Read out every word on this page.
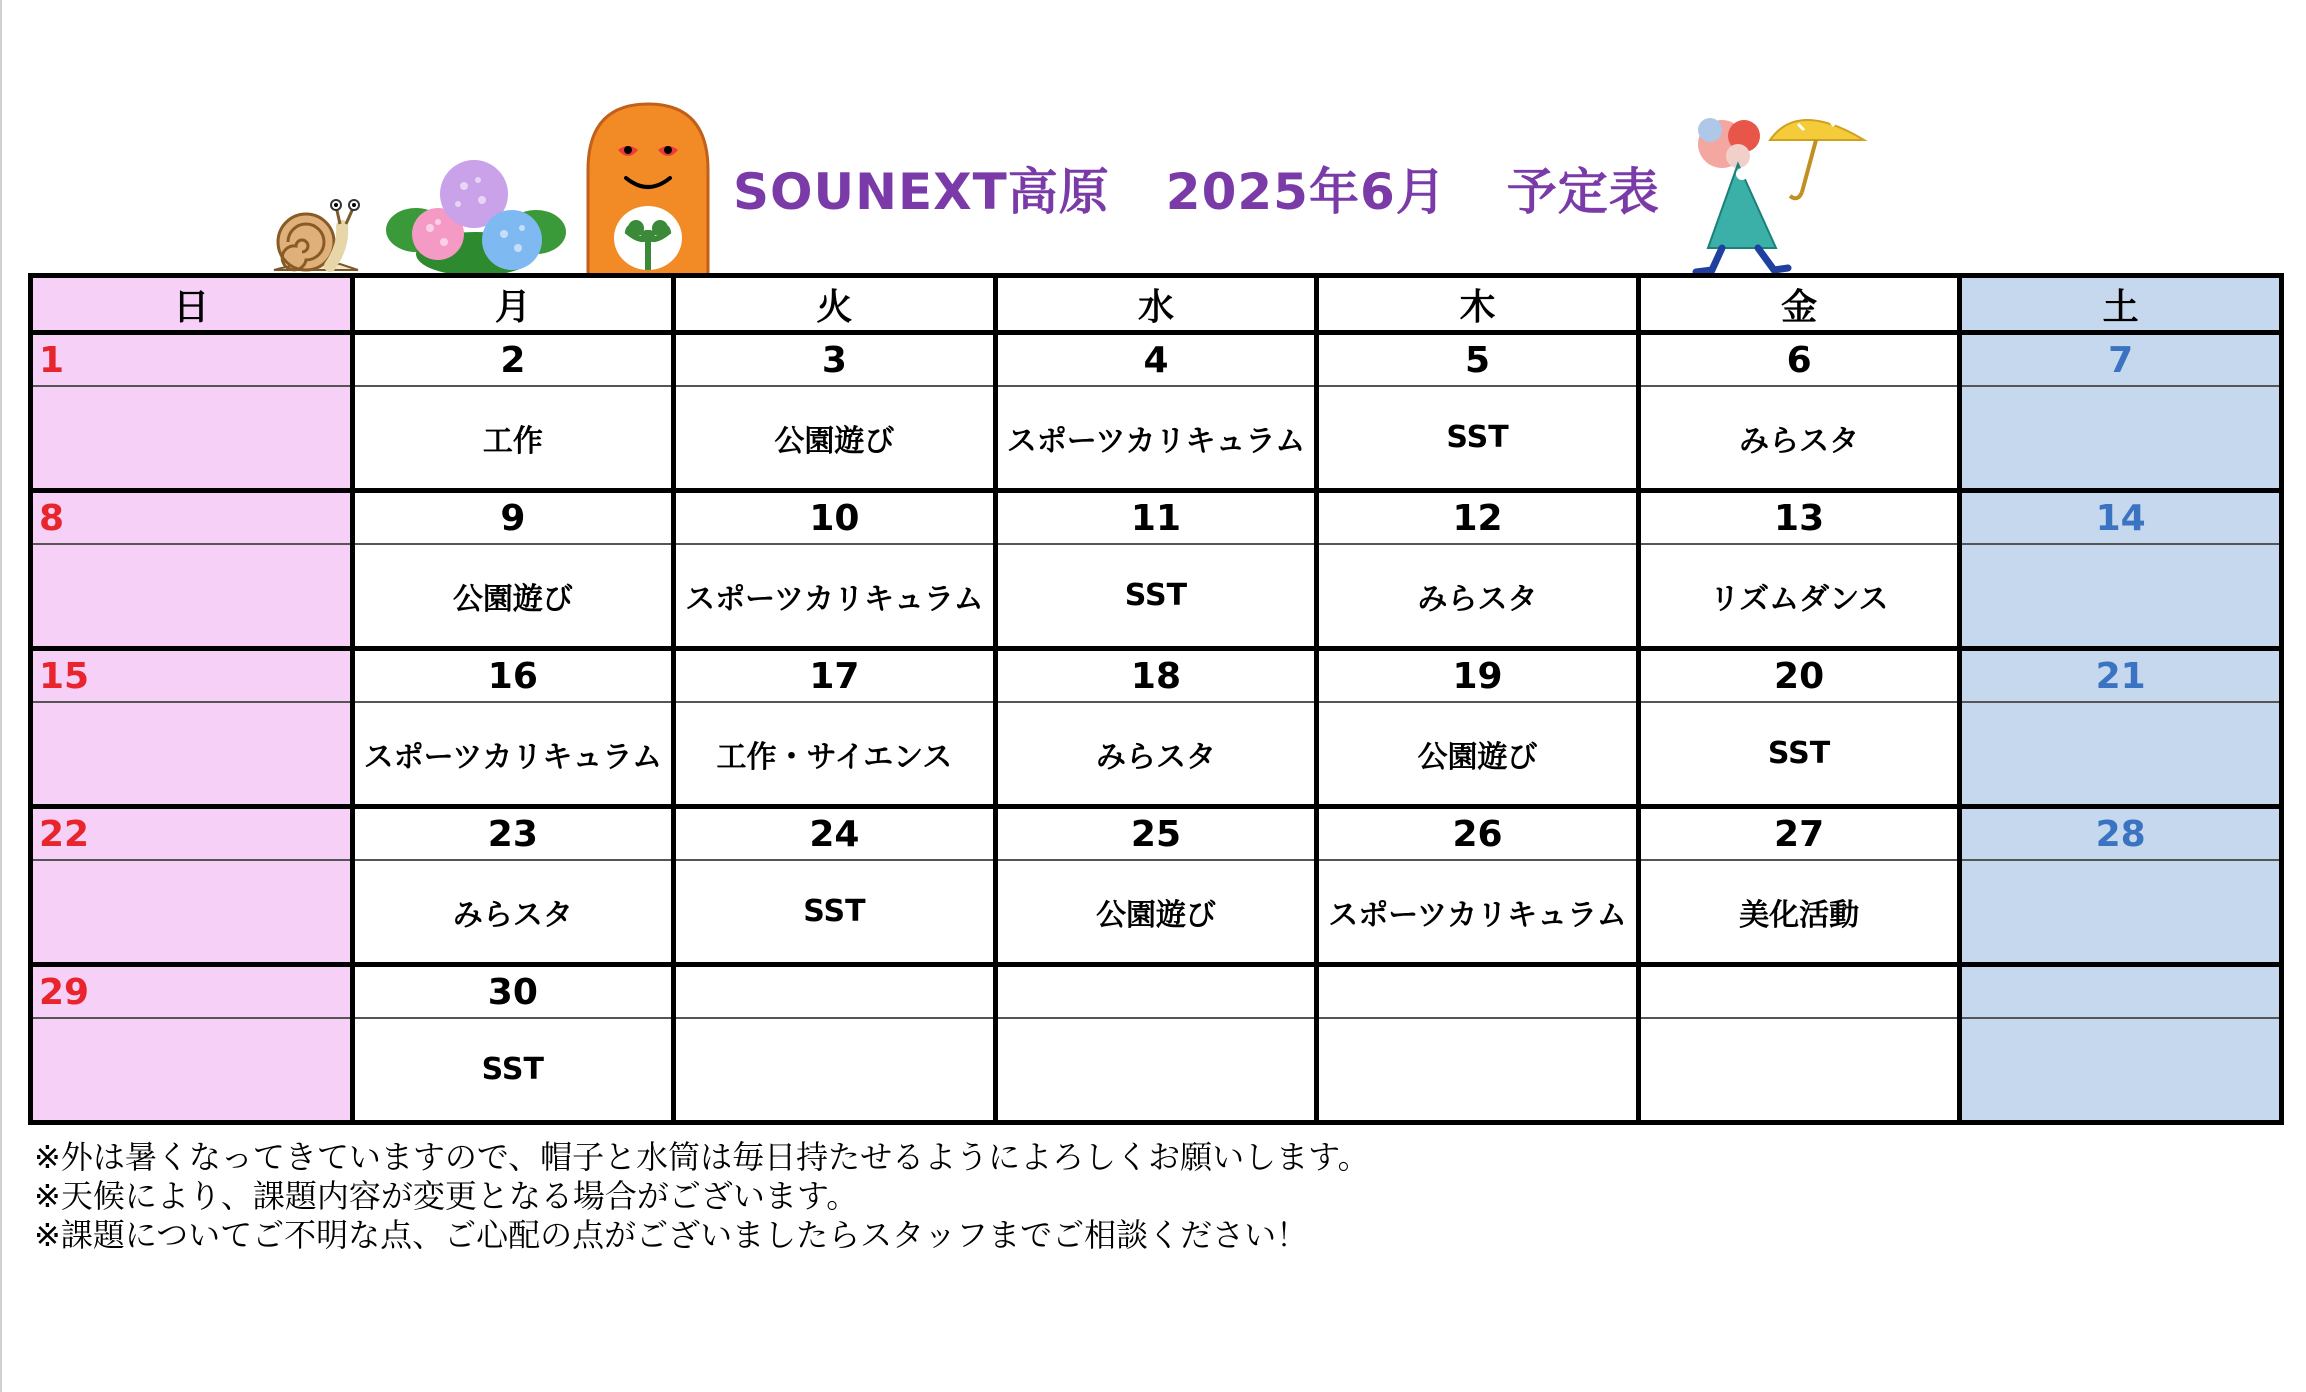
SOUNEXT高原 2025年6月 予定表
日	月	火	水	木	金	土
1	2	3	4	5	6	7
	工作	公園遊び	スポーツカリキュラム	SST	みらスタ	
8	9	10	11	12	13	14
	公園遊び	スポーツカリキュラム	SST	みらスタ	リズムダンス	
15	16	17	18	19	20	21
	スポーツカリキュラム	工作・サイエンス	みらスタ	公園遊び	SST	
22	23	24	25	26	27	28
	みらスタ	SST	公園遊び	スポーツカリキュラム	美化活動	
29	30					
	SST					
※外は暑くなってきていますので、帽子と水筒は毎日持たせるようによろしくお願いします。
※天候により、課題内容が変更となる場合がございます。
※課題についてご不明な点、ご心配の点がございましたらスタッフまでご相談ください！
